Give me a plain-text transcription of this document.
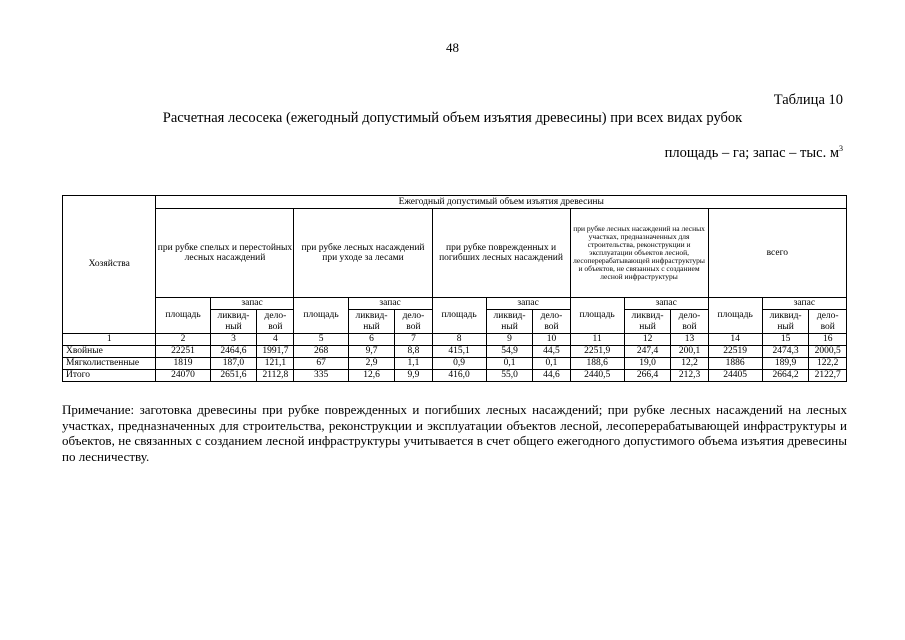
48
Таблица 10
Расчетная лесосека (ежегодный допустимый объем изъятия древесины) при всех видах рубок
площадь – га; запас – тыс. $м^3$
Хозяйства	Ежегодный допустимый объем изъятия древесины														
	при рубке спелых и перестойных лесных насаждений			при рубке лесных насаждений при уходе за лесами			при рубке поврежденных и погибших лесных насаждений			при рубке лесных насаждений на лесных участках, предназначенных для строительства, реконструкции и эксплуатации объектов лесной, лесоперерабатывающей инфраструктуры и объектов, не связанных с созданием лесной инфраструктуры			всего		
	площадь	запас		площадь	запас		площадь	запас		площадь	запас		площадь	запас	
		ликвид-ный	дело-вой		ликвид-ный	дело-вой		ликвид-ный	дело-вой		ликвид-ный	дело-вой		ликвид-ный	дело-вой
1	2	3	4	5	6	7	8	9	10	11	12	13	14	15	16
Хвойные	22251	2464,6	1991,7	268	9,7	8,8	415,1	54,9	44,5	2251,9	247,4	200,1	22519	2474,3	2000,5
Мягколиственные	1819	187,0	121,1	67	2,9	1,1	0,9	0,1	0,1	188,6	19,0	12,2	1886	189,9	122,2
Итого	24070	2651,6	2112,8	335	12,6	9,9	416,0	55,0	44,6	2440,5	266,4	212,3	24405	2664,2	2122,7
Примечание: заготовка древесины при рубке поврежденных и погибших лесных насаждений; при рубке лесных насаждений на лесных участках, предназначенных для строительства, реконструкции и эксплуатации объектов лесной, лесоперерабатывающей инфраструктуры и объектов, не связанных с созданием лесной инфраструктуры учитывается в счет общего ежегодного допустимого объема изъятия древесины по лесничеству.
